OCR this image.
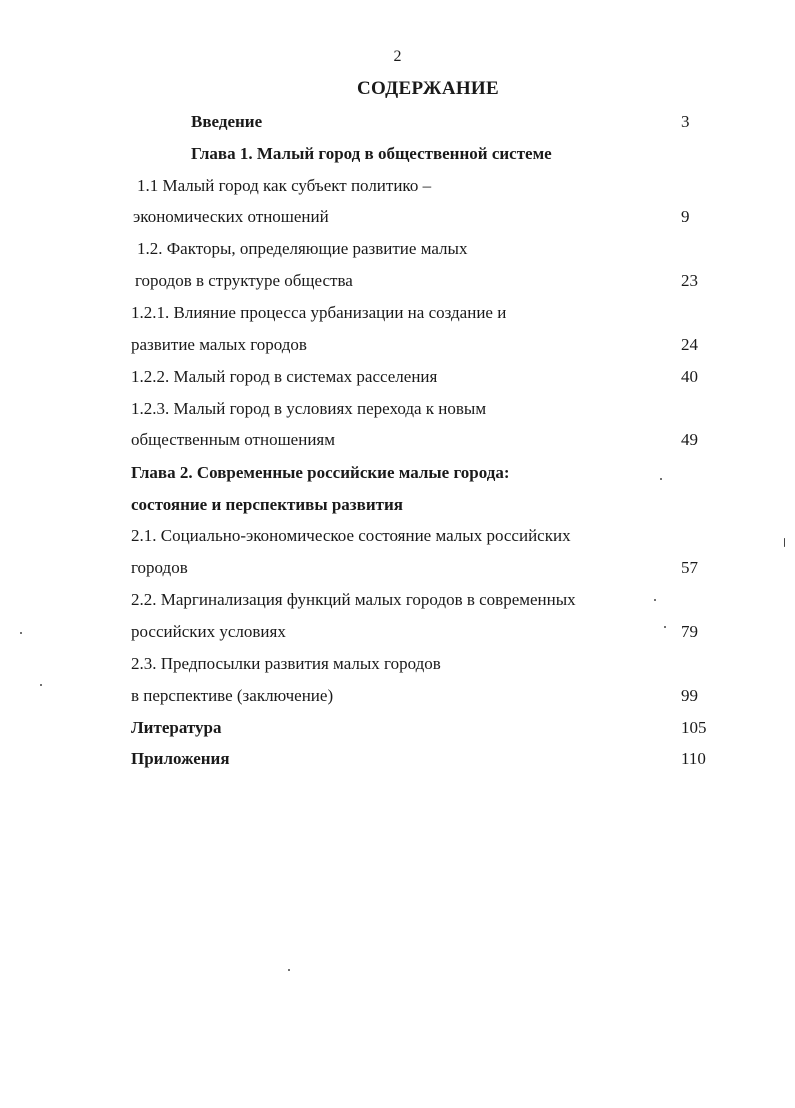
2
СОДЕРЖАНИЕ
Введение	3
Глава 1. Малый город в общественной системе
1.1 Малый город как субъект политико –
экономических отношений	9
1.2. Факторы, определяющие развитие малых
городов в структуре общества	23
1.2.1. Влияние процесса урбанизации на создание и
развитие малых городов	24
1.2.2. Малый город в системах расселения	40
1.2.3. Малый город в условиях перехода к новым
общественным отношениям	49
Глава 2. Современные российские малые города:
состояние и перспективы развития
2.1. Социально-экономическое состояние малых российских
городов	57
2.2. Маргинализация функций малых городов в современных
российских условиях	79
2.3. Предпосылки развития малых городов
в перспективе (заключение)	99
Литература	105
Приложения	110
